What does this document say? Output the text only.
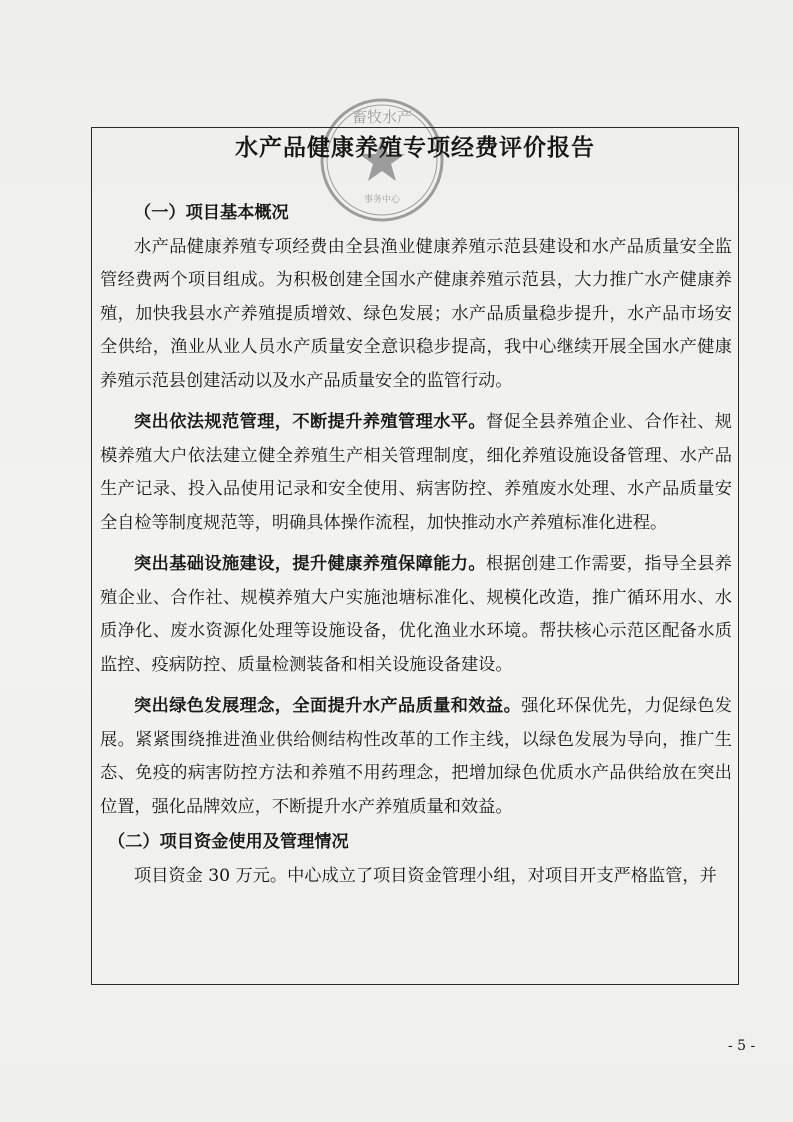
畜牧水产
事务中心
水产品健康养殖专项经费评价报告

（一）项目基本概况

水产品健康养殖专项经费由全县渔业健康养殖示范县建设和水产品质量安全监管经费两个项目组成。为积极创建全国水产健康养殖示范县，大力推广水产健康养殖，加快我县水产养殖提质增效、绿色发展；水产品质量稳步提升，水产品市场安全供给，渔业从业人员水产质量安全意识稳步提高，我中心继续开展全国水产健康养殖示范县创建活动以及水产品质量安全的监管行动。

突出依法规范管理，不断提升养殖管理水平。督促全县养殖企业、合作社、规模养殖大户依法建立健全养殖生产相关管理制度，细化养殖设施设备管理、水产品生产记录、投入品使用记录和安全使用、病害防控、养殖废水处理、水产品质量安全自检等制度规范等，明确具体操作流程，加快推动水产养殖标准化进程。

突出基础设施建设，提升健康养殖保障能力。根据创建工作需要，指导全县养殖企业、合作社、规模养殖大户实施池塘标准化、规模化改造，推广循环用水、水质净化、废水资源化处理等设施设备，优化渔业水环境。帮扶核心示范区配备水质监控、疫病防控、质量检测装备和相关设施设备建设。

突出绿色发展理念，全面提升水产品质量和效益。强化环保优先，力促绿色发展。紧紧围绕推进渔业供给侧结构性改革的工作主线，以绿色发展为导向，推广生态、免疫的病害防控方法和养殖不用药理念，把增加绿色优质水产品供给放在突出位置，强化品牌效应，不断提升水产养殖质量和效益。

（二）项目资金使用及管理情况

项目资金 30 万元。中心成立了项目资金管理小组，对项目开支严格监管，并

- 5 -
